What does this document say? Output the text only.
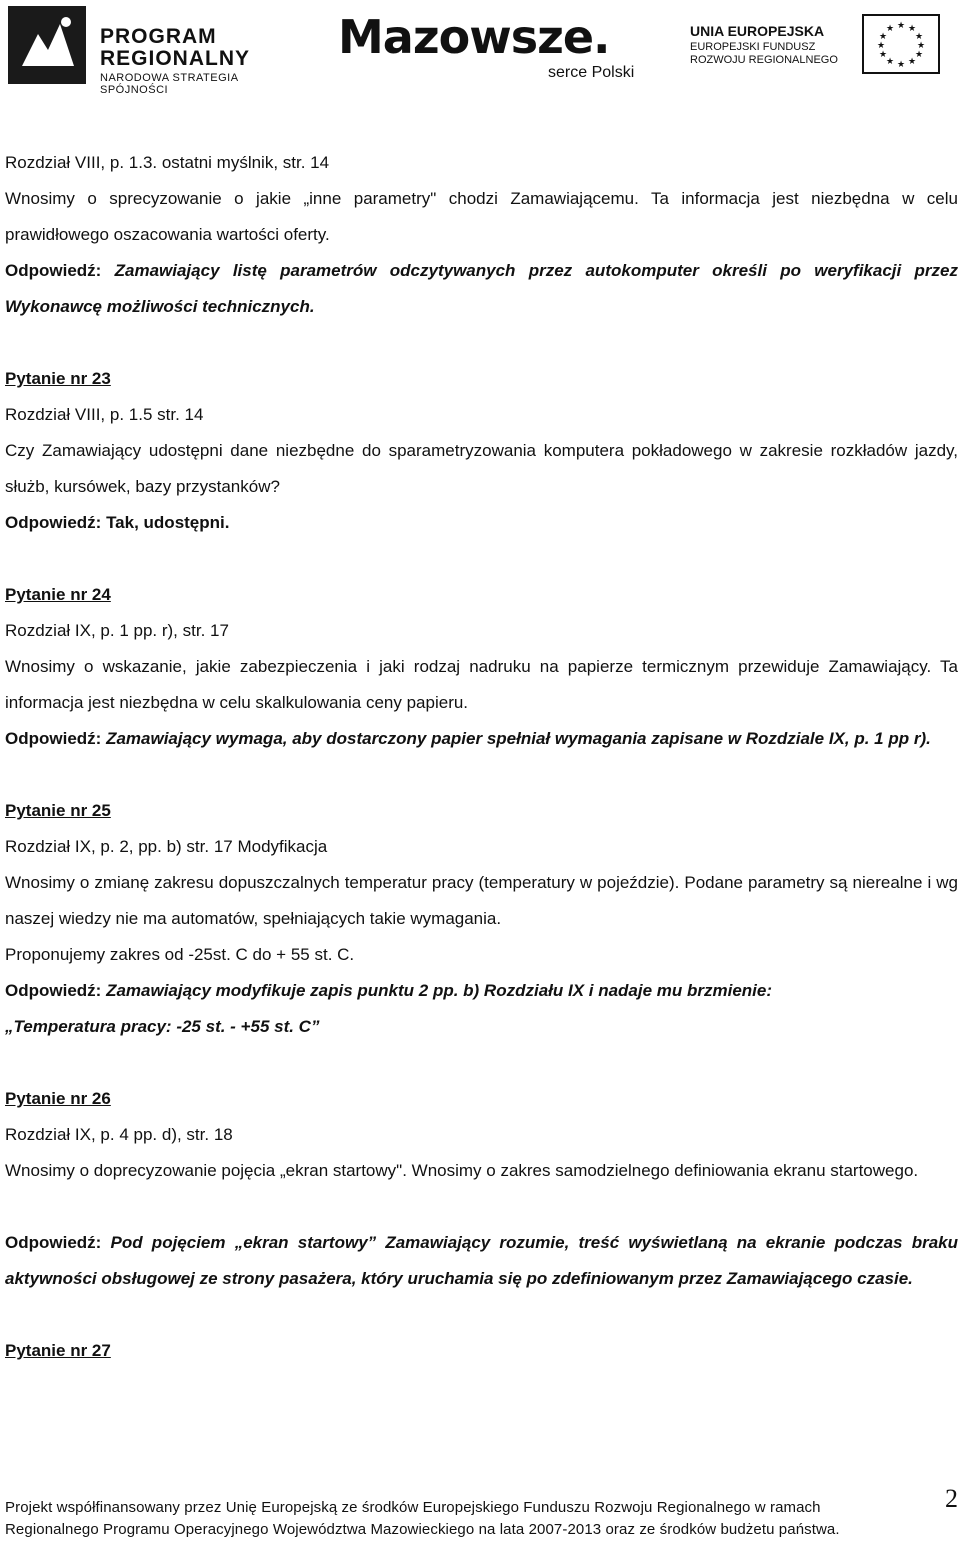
PROGRAM
REGIONALNY
NARODOWA STRATEGIA SPÓJNOŚCI
Mazowsze.
serce Polski
UNIA EUROPEJSKA
EUROPEJSKI FUNDUSZ
ROZWOJU REGIONALNEGO
★ ★
★
★
★
★
★
★
★
★
★
★

Rozdział VIII, p. 1.3. ostatni myślnik, str. 14

Wnosimy o sprecyzowanie o jakie „inne parametry" chodzi Zamawiającemu. Ta informacja jest niezbędna w celu prawidłowego oszacowania wartości oferty.

Odpowiedź: Zamawiający listę parametrów odczytywanych przez autokomputer określi po weryfikacji przez Wykonawcę możliwości technicznych.

Pytanie nr 23

Rozdział VIII, p. 1.5 str. 14

Czy Zamawiający udostępni dane niezbędne do sparametryzowania komputera pokładowego w zakresie rozkładów jazdy, służb, kursówek, bazy przystanków?

Odpowiedź: Tak, udostępni.

Pytanie nr 24

Rozdział IX, p. 1 pp. r), str. 17

Wnosimy o wskazanie, jakie zabezpieczenia i jaki rodzaj nadruku na papierze termicznym przewiduje Zamawiający. Ta informacja jest niezbędna w celu skalkulowania ceny papieru.

Odpowiedź: Zamawiający wymaga, aby dostarczony papier spełniał wymagania zapisane w Rozdziale IX, p. 1 pp r).

Pytanie nr 25

Rozdział IX, p. 2, pp. b) str. 17 Modyfikacja

Wnosimy o zmianę zakresu dopuszczalnych temperatur pracy (temperatury w pojeździe). Podane parametry są nierealne i wg naszej wiedzy nie ma automatów, spełniających takie wymagania.

Proponujemy zakres od -25st. C do + 55 st. C.

Odpowiedź: Zamawiający modyfikuje zapis punktu 2 pp. b) Rozdziału IX i nadaje mu brzmienie:

„Temperatura pracy: -25 st. - +55 st. C”

Pytanie nr 26

Rozdział IX, p. 4 pp. d), str. 18

Wnosimy o doprecyzowanie pojęcia „ekran startowy". Wnosimy o zakres samodzielnego definiowania ekranu startowego.

Odpowiedź: Pod pojęciem „ekran startowy” Zamawiający rozumie, treść wyświetlaną na ekranie podczas braku aktywności obsługowej ze strony pasażera, który uruchamia się po zdefiniowanym przez Zamawiającego czasie.

Pytanie nr 27

2
Projekt współfinansowany przez Unię Europejską ze środków Europejskiego Funduszu Rozwoju Regionalnego w ramach
Regionalnego Programu Operacyjnego Województwa Mazowieckiego na lata 2007-2013 oraz ze środków budżetu państwa.
